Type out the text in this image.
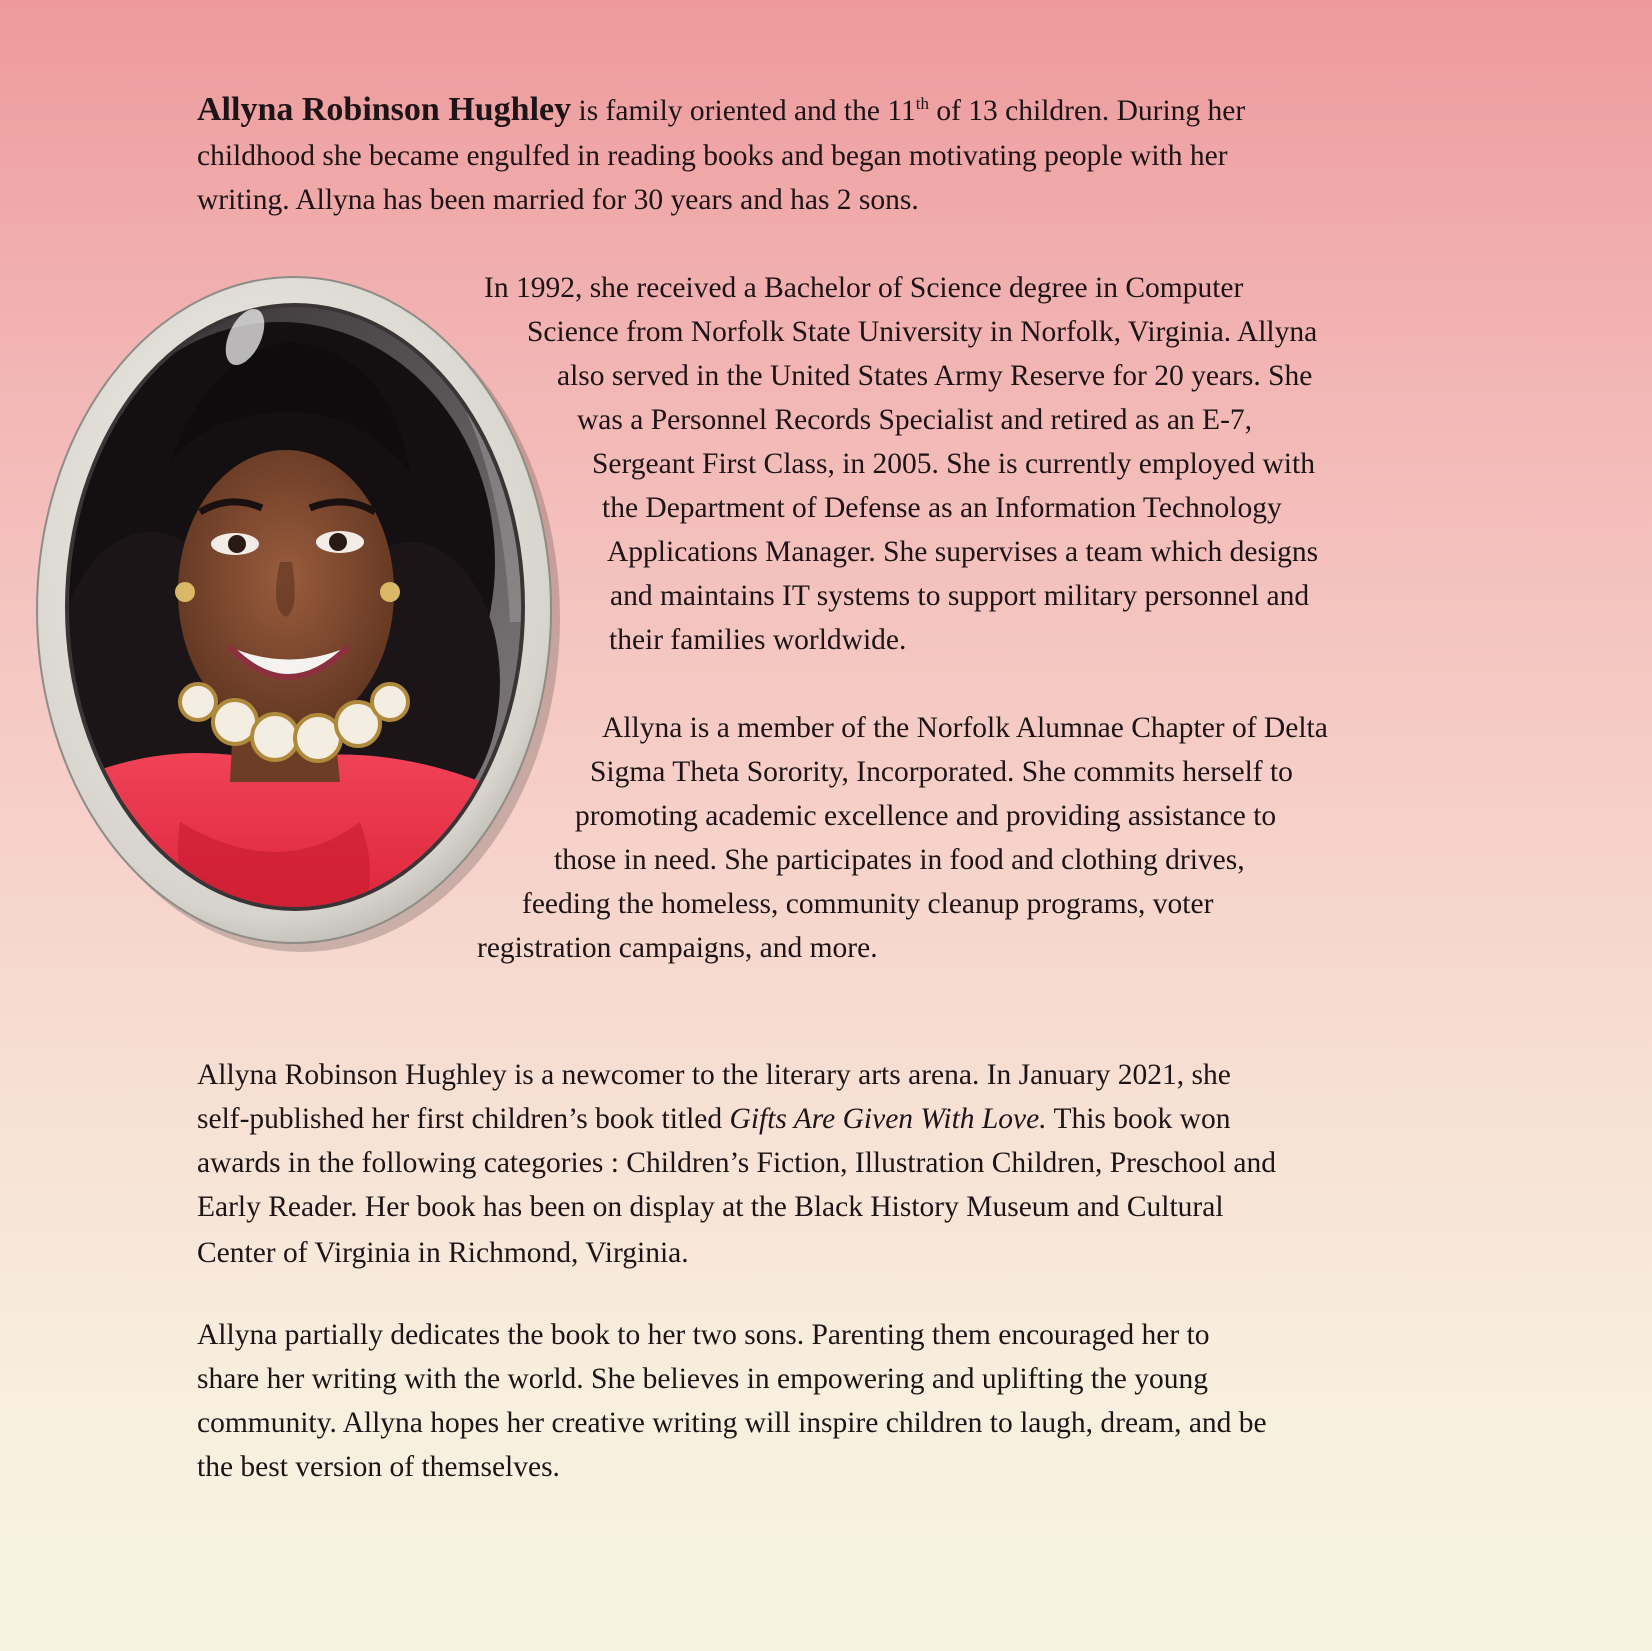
Allyna Robinson Hughley is family oriented and the 11th of 13 children. During her
childhood she became engulfed in reading books and began motivating people with her
writing. Allyna has been married for 30 years and has 2 sons.
In 1992, she received a Bachelor of Science degree in Computer
Science from Norfolk State University in Norfolk, Virginia. Allyna
also served in the United States Army Reserve for 20 years. She
was a Personnel Records Specialist and retired as an E-7,
Sergeant First Class, in 2005. She is currently employed with
the Department of Defense as an Information Technology
Applications Manager. She supervises a team which designs
and maintains IT systems to support military personnel and
their families worldwide.
Allyna is a member of the Norfolk Alumnae Chapter of Delta
Sigma Theta Sorority, Incorporated. She commits herself to
promoting academic excellence and providing assistance to
those in need. She participates in food and clothing drives,
feeding the homeless, community cleanup programs, voter
registration campaigns, and more.
Allyna Robinson Hughley is a newcomer to the literary arts arena. In January 2021, she
self-published her first children’s book titled Gifts Are Given With Love. This book won
awards in the following categories : Children’s Fiction, Illustration Children, Preschool and
Early Reader. Her book has been on display at the Black History Museum and Cultural
Center of Virginia in Richmond, Virginia.
Allyna partially dedicates the book to her two sons. Parenting them encouraged her to
share her writing with the world. She believes in empowering and uplifting the young
community. Allyna hopes her creative writing will inspire children to laugh, dream, and be
the best version of themselves.
